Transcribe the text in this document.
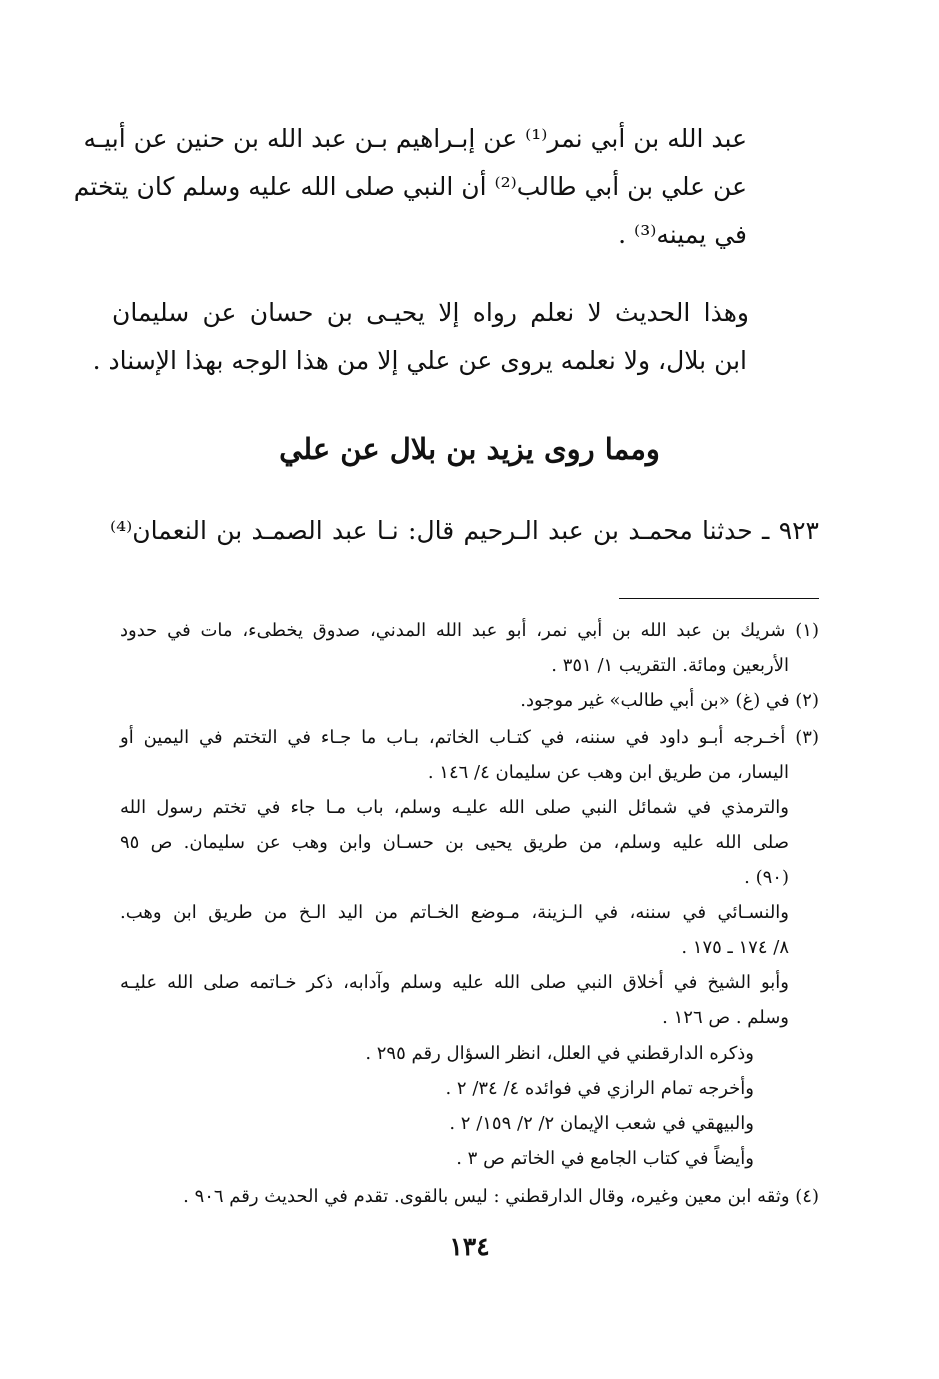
عبد الله بن أبي نمر⁽¹⁾ عن إبـراهيم بـن عبد الله بن حنين عن أبيـه
عن علي بن أبي طالب⁽²⁾ أن النبي صلى الله عليه وسلم كان يتختم
في يمينه⁽³⁾ .
وهذا الحديث لا نعلم رواه إلا يحيـى بن حسان عن سليمان
ابن بلال، ولا نعلمه يروى عن علي إلا من هذا الوجه بهذا الإسناد .
ومما روى يزيد بن بلال عن علي
٩٢٣ ـ حدثنا محمـد بن عبد الـرحيم قال: نـا عبد الصمـد بن النعمان⁽⁴⁾
(١) شريك بن عبد الله بن أبي نمر، أبو عبد الله المدني، صدوق يخطىء، مات في حدود
الأربعين ومائة. التقريب ١/ ٣٥١ .
(٢) في (غ) «بن أبي طالب» غير موجود.
(٣) أخـرجه أبـو داود في سننه، في كتـاب الخاتم، بـاب ما جـاء في التختم في اليمين أو
اليسار، من طريق ابن وهب عن سليمان ٤/ ١٤٦ .
والترمذي في شمائل النبي صلى الله عليـه وسلم، باب مـا جاء في تختم رسول الله
صلى الله عليه وسلم، من طريق يحيى بن حسـان وابن وهب عن سليمان. ص ٩٥
(٩٠) .
والنسـائي في سننه، في الـزينة، مـوضع الخـاتم من اليد الـخ من طريق ابن وهب.
٨/ ١٧٤ ـ ١٧٥ .
وأبو الشيخ في أخلاق النبي صلى الله عليه وسلم وآدابه، ذكر خـاتمه صلى الله عليـه
وسلم . ص ١٢٦ .
وذكره الدارقطني في العلل، انظر السؤال رقم ٢٩٥ .
وأخرجه تمام الرازي في فوائده ٤/ ٣٤/ ٢ .
والبيهقي في شعب الإيمان ٢/ ٢/ ١٥٩/ ٢ .
وأيضاً في كتاب الجامع في الخاتم ص ٣ .
(٤) وثقه ابن معين وغيره، وقال الدارقطني : ليس بالقوى. تقدم في الحديث رقم ٩٠٦ .
١٣٤
